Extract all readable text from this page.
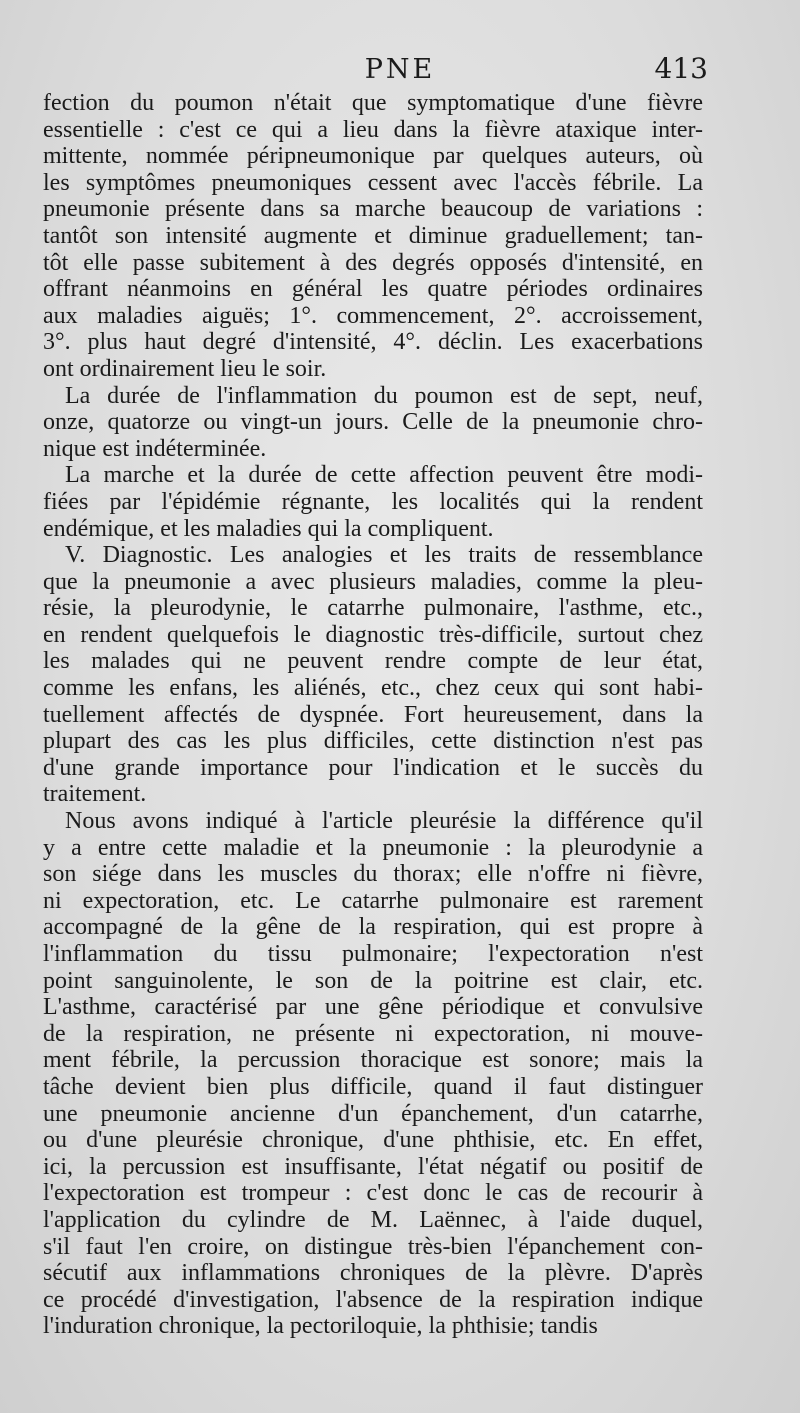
PNE	413
fection du poumon n'était que symptomatique d'une fièvre
essentielle : c'est ce qui a lieu dans la fièvre ataxique inter-
mittente, nommée péripneumonique par quelques auteurs, où
les symptômes pneumoniques cessent avec l'accès fébrile. La
pneumonie présente dans sa marche beaucoup de variations :
tantôt son intensité augmente et diminue graduellement; tan-
tôt elle passe subitement à des degrés opposés d'intensité, en
offrant néanmoins en général les quatre périodes ordinaires
aux maladies aiguës; 1°. commencement, 2°. accroissement,
3°. plus haut degré d'intensité, 4°. déclin. Les exacerbations
ont ordinairement lieu le soir.
La durée de l'inflammation du poumon est de sept, neuf,
onze, quatorze ou vingt-un jours. Celle de la pneumonie chro-
nique est indéterminée.
La marche et la durée de cette affection peuvent être modi-
fiées par l'épidémie régnante, les localités qui la rendent
endémique, et les maladies qui la compliquent.
V. Diagnostic. Les analogies et les traits de ressemblance
que la pneumonie a avec plusieurs maladies, comme la pleu-
résie, la pleurodynie, le catarrhe pulmonaire, l'asthme, etc.,
en rendent quelquefois le diagnostic très-difficile, surtout chez
les malades qui ne peuvent rendre compte de leur état,
comme les enfans, les aliénés, etc., chez ceux qui sont habi-
tuellement affectés de dyspnée. Fort heureusement, dans la
plupart des cas les plus difficiles, cette distinction n'est pas
d'une grande importance pour l'indication et le succès du
traitement.
Nous avons indiqué à l'article pleurésie la différence qu'il
y a entre cette maladie et la pneumonie : la pleurodynie a
son siége dans les muscles du thorax; elle n'offre ni fièvre,
ni expectoration, etc. Le catarrhe pulmonaire est rarement
accompagné de la gêne de la respiration, qui est propre à
l'inflammation du tissu pulmonaire; l'expectoration n'est
point sanguinolente, le son de la poitrine est clair, etc.
L'asthme, caractérisé par une gêne périodique et convulsive
de la respiration, ne présente ni expectoration, ni mouve-
ment fébrile, la percussion thoracique est sonore; mais la
tâche devient bien plus difficile, quand il faut distinguer
une pneumonie ancienne d'un épanchement, d'un catarrhe,
ou d'une pleurésie chronique, d'une phthisie, etc. En effet,
ici, la percussion est insuffisante, l'état négatif ou positif de
l'expectoration est trompeur : c'est donc le cas de recourir à
l'application du cylindre de M. Laënnec, à l'aide duquel,
s'il faut l'en croire, on distingue très-bien l'épanchement con-
sécutif aux inflammations chroniques de la plèvre. D'après
ce procédé d'investigation, l'absence de la respiration indique
l'induration chronique, la pectoriloquie, la phthisie; tandis
